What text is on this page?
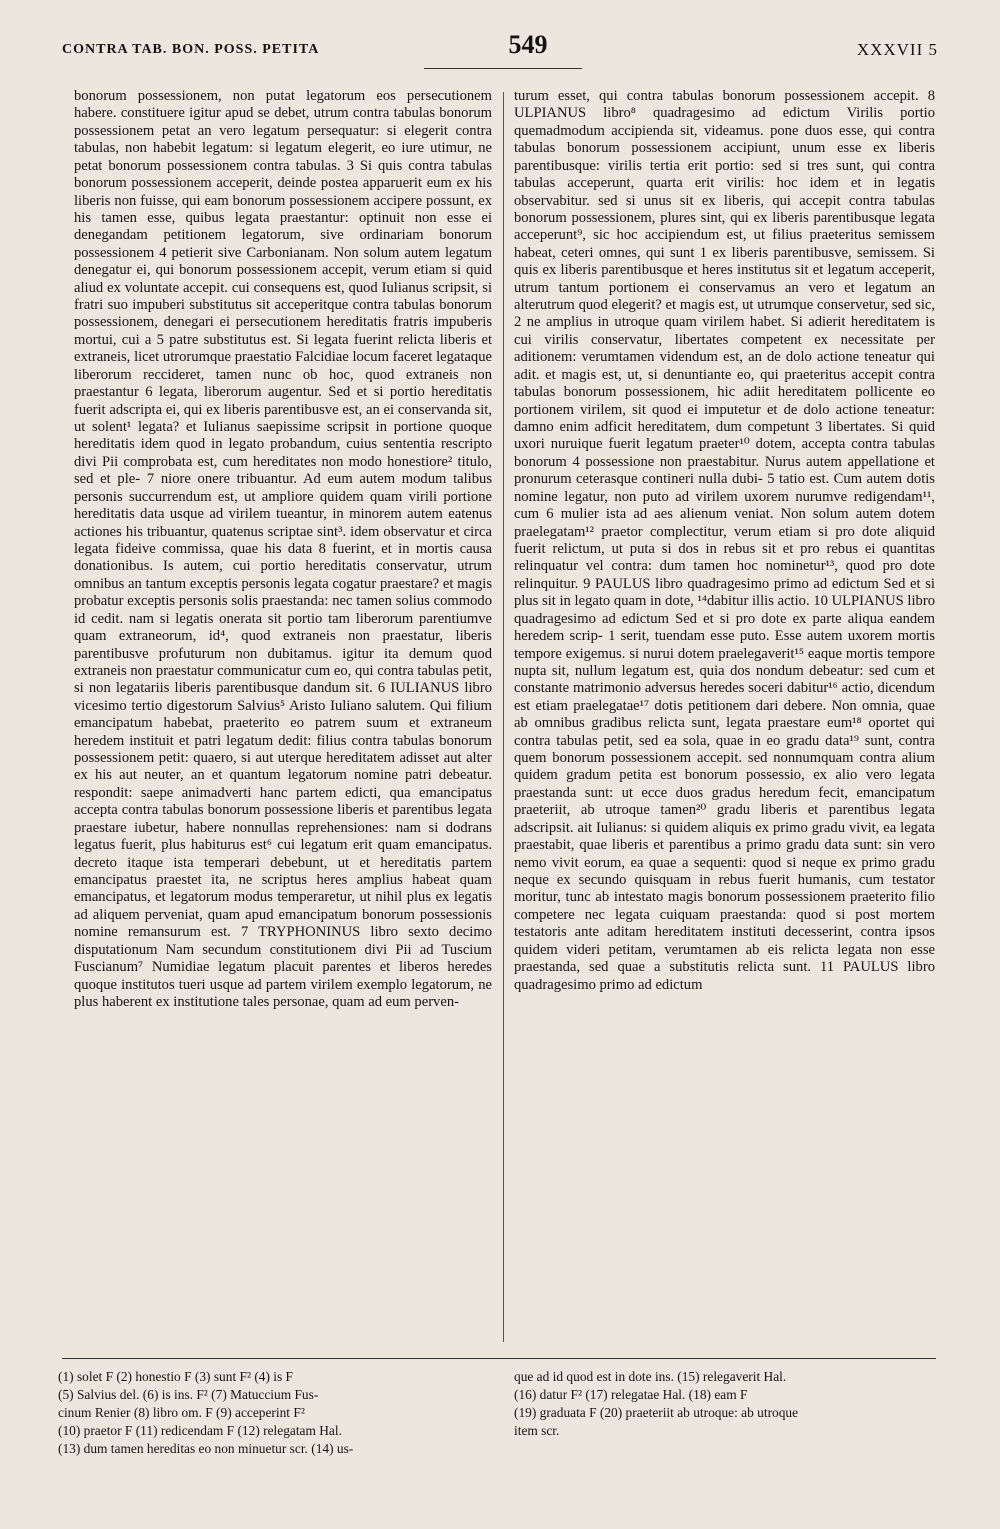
CONTRA TAB. BON. POSS. PETITA	549	XXXVII 5

bonorum possessionem, non putat legatorum eos persecutionem habere. constituere igitur apud se debet, utrum contra tabulas bonorum possessionem petat an vero legatum persequatur: si elegerit contra tabulas, non habebit legatum: si legatum elegerit, eo iure utimur, ne petat bonorum possessionem contra tabulas. 3 Si quis contra tabulas bonorum possessionem acceperit, deinde postea apparuerit eum ex his liberis non fuisse, qui eam bonorum possessionem accipere possunt, ex his tamen esse, quibus legata praestantur: optinuit non esse ei denegandam petitionem legatorum, sive ordinariam bonorum possessionem 4 petierit sive Carbonianam. Non solum autem legatum denegatur ei, qui bonorum possessionem accepit, verum etiam si quid aliud ex voluntate accepit. cui consequens est, quod Iulianus scripsit, si fratri suo impuberi substitutus sit acceperitque contra tabulas bonorum possessionem, denegari ei persecutionem hereditatis fratris impuberis mortui, cui a 5 patre substitutus est. Si legata fuerint relicta liberis et extraneis, licet utrorumque praestatio Falcidiae locum faceret legataque liberorum reccideret, tamen nunc ob hoc, quod extraneis non praestantur 6 legata, liberorum augentur. Sed et si portio hereditatis fuerit adscripta ei, qui ex liberis parentibusve est, an ei conservanda sit, ut solent¹ legata? et Iulianus saepissime scripsit in portione quoque hereditatis idem quod in legato probandum, cuius sententia rescripto divi Pii comprobata est, cum hereditates non modo honestiore² titulo, sed et ple- 7 niore onere tribuantur. Ad eum autem modum talibus personis succurrendum est, ut ampliore quidem quam virili portione hereditatis data usque ad virilem tueantur, in minorem autem eatenus actiones his tribuantur, quatenus scriptae sint³. idem observatur et circa legata fideive commissa, quae his data 8 fuerint, et in mortis causa donationibus. Is autem, cui portio hereditatis conservatur, utrum omnibus an tantum exceptis personis legata cogatur praestare? et magis probatur exceptis personis solis praestanda: nec tamen solius commodo id cedit. nam si legatis onerata sit portio tam liberorum parentiumve quam extraneorum, id⁴, quod extraneis non praestatur, liberis parentibusve profuturum non dubitamus. igitur ita demum quod extraneis non praestatur communicatur cum eo, qui contra tabulas petit, si non legatariis liberis parentibusque dandum sit. 6 IULIANUS libro vicesimo tertio digestorum Salvius⁵ Aristo Iuliano salutem. Qui filium emancipatum habebat, praeterito eo patrem suum et extraneum heredem instituit et patri legatum dedit: filius contra tabulas bonorum possessionem petit: quaero, si aut uterque hereditatem adisset aut alter ex his aut neuter, an et quantum legatorum nomine patri debeatur. respondit: saepe animadverti hanc partem edicti, qua emancipatus accepta contra tabulas bonorum possessione liberis et parentibus legata praestare iubetur, habere nonnullas reprehensiones: nam si dodrans legatus fuerit, plus habiturus est⁶ cui legatum erit quam emancipatus. decreto itaque ista temperari debebunt, ut et hereditatis partem emancipatus praestet ita, ne scriptus heres amplius habeat quam emancipatus, et legatorum modus temperaretur, ut nihil plus ex legatis ad aliquem perveniat, quam apud emancipatum bonorum possessionis nomine remansurum est. 7 TRYPHONINUS libro sexto decimo disputationum Nam secundum constitutionem divi Pii ad Tuscium Fuscianum⁷ Numidiae legatum placuit parentes et liberos heredes quoque institutos tueri usque ad partem virilem exemplo legatorum, ne plus haberent ex institutione tales personae, quam ad eum perven-

turum esset, qui contra tabulas bonorum possessionem accepit. 8 ULPIANUS libro⁸ quadragesimo ad edictum Virilis portio quemadmodum accipienda sit, videamus. pone duos esse, qui contra tabulas bonorum possessionem accipiunt, unum esse ex liberis parentibusque: virilis tertia erit portio: sed si tres sunt, qui contra tabulas acceperunt, quarta erit virilis: hoc idem et in legatis observabitur. sed si unus sit ex liberis, qui accepit contra tabulas bonorum possessionem, plures sint, qui ex liberis parentibusque legata acceperunt⁹, sic hoc accipiendum est, ut filius praeteritus semissem habeat, ceteri omnes, qui sunt 1 ex liberis parentibusve, semissem. Si quis ex liberis parentibusque et heres institutus sit et legatum acceperit, utrum tantum portionem ei conservamus an vero et legatum an alterutrum quod elegerit? et magis est, ut utrumque conservetur, sed sic, 2 ne amplius in utroque quam virilem habet. Si adierit hereditatem is cui virilis conservatur, libertates competent ex necessitate per aditionem: verumtamen videndum est, an de dolo actione teneatur qui adit. et magis est, ut, si denuntiante eo, qui praeteritus accepit contra tabulas bonorum possessionem, hic adiit hereditatem pollicente eo portionem virilem, sit quod ei imputetur et de dolo actione teneatur: damno enim adficit hereditatem, dum competunt 3 libertates. Si quid uxori nuruique fuerit legatum praeter¹⁰ dotem, accepta contra tabulas bonorum 4 possessione non praestabitur. Nurus autem appellatione et pronurum ceterasque contineri nulla dubi- 5 tatio est. Cum autem dotis nomine legatur, non puto ad virilem uxorem nurumve redigendam¹¹, cum 6 mulier ista ad aes alienum veniat. Non solum autem dotem praelegatam¹² praetor complectitur, verum etiam si pro dote aliquid fuerit relictum, ut puta si dos in rebus sit et pro rebus ei quantitas relinquatur vel contra: dum tamen hoc nominetur¹³, quod pro dote relinquitur. 9 PAULUS libro quadragesimo primo ad edictum Sed et si plus sit in legato quam in dote, ¹⁴dabitur illis actio. 10 ULPIANUS libro quadragesimo ad edictum Sed et si pro dote ex parte aliqua eandem heredem scrip- 1 serit, tuendam esse puto. Esse autem uxorem mortis tempore exigemus. si nurui dotem praelegaverit¹⁵ eaque mortis tempore nupta sit, nullum legatum est, quia dos nondum debeatur: sed cum et constante matrimonio adversus heredes soceri dabitur¹⁶ actio, dicendum est etiam praelegatae¹⁷ dotis petitionem dari debere. Non omnia, quae ab omnibus gradibus relicta sunt, legata praestare eum¹⁸ oportet qui contra tabulas petit, sed ea sola, quae in eo gradu data¹⁹ sunt, contra quem bonorum possessionem accepit. sed nonnumquam contra alium quidem gradum petita est bonorum possessio, ex alio vero legata praestanda sunt: ut ecce duos gradus heredum fecit, emancipatum praeteriit, ab utroque tamen²⁰ gradu liberis et parentibus legata adscripsit. ait Iulianus: si quidem aliquis ex primo gradu vivit, ea legata praestabit, quae liberis et parentibus a primo gradu data sunt: sin vero nemo vivit eorum, ea quae a sequenti: quod si neque ex primo gradu neque ex secundo quisquam in rebus fuerit humanis, cum testator moritur, tunc ab intestato magis bonorum possessionem praeterito filio competere nec legata cuiquam praestanda: quod si post mortem testatoris ante aditam hereditatem instituti decesserint, contra ipsos quidem videri petitam, verumtamen ab eis relicta legata non esse praestanda, sed quae a substitutis relicta sunt. 11 PAULUS libro quadragesimo primo ad edictum

(1) solet F (2) honestio F (3) sunt F² (4) is F

(5) Salvius del. (6) is ins. F² (7) Matuccium Fus-

cinum Renier (8) libro om. F (9) acceperint F²

(10) praetor F (11) redicendam F (12) relegatam Hal.

(13) dum tamen hereditas eo non minuetur scr. (14) us-

que ad id quod est in dote ins. (15) relegaverit Hal.

(16) datur F² (17) relegatae Hal. (18) eam F

(19) graduata F (20) praeteriit ab utroque: ab utroque

item scr.
